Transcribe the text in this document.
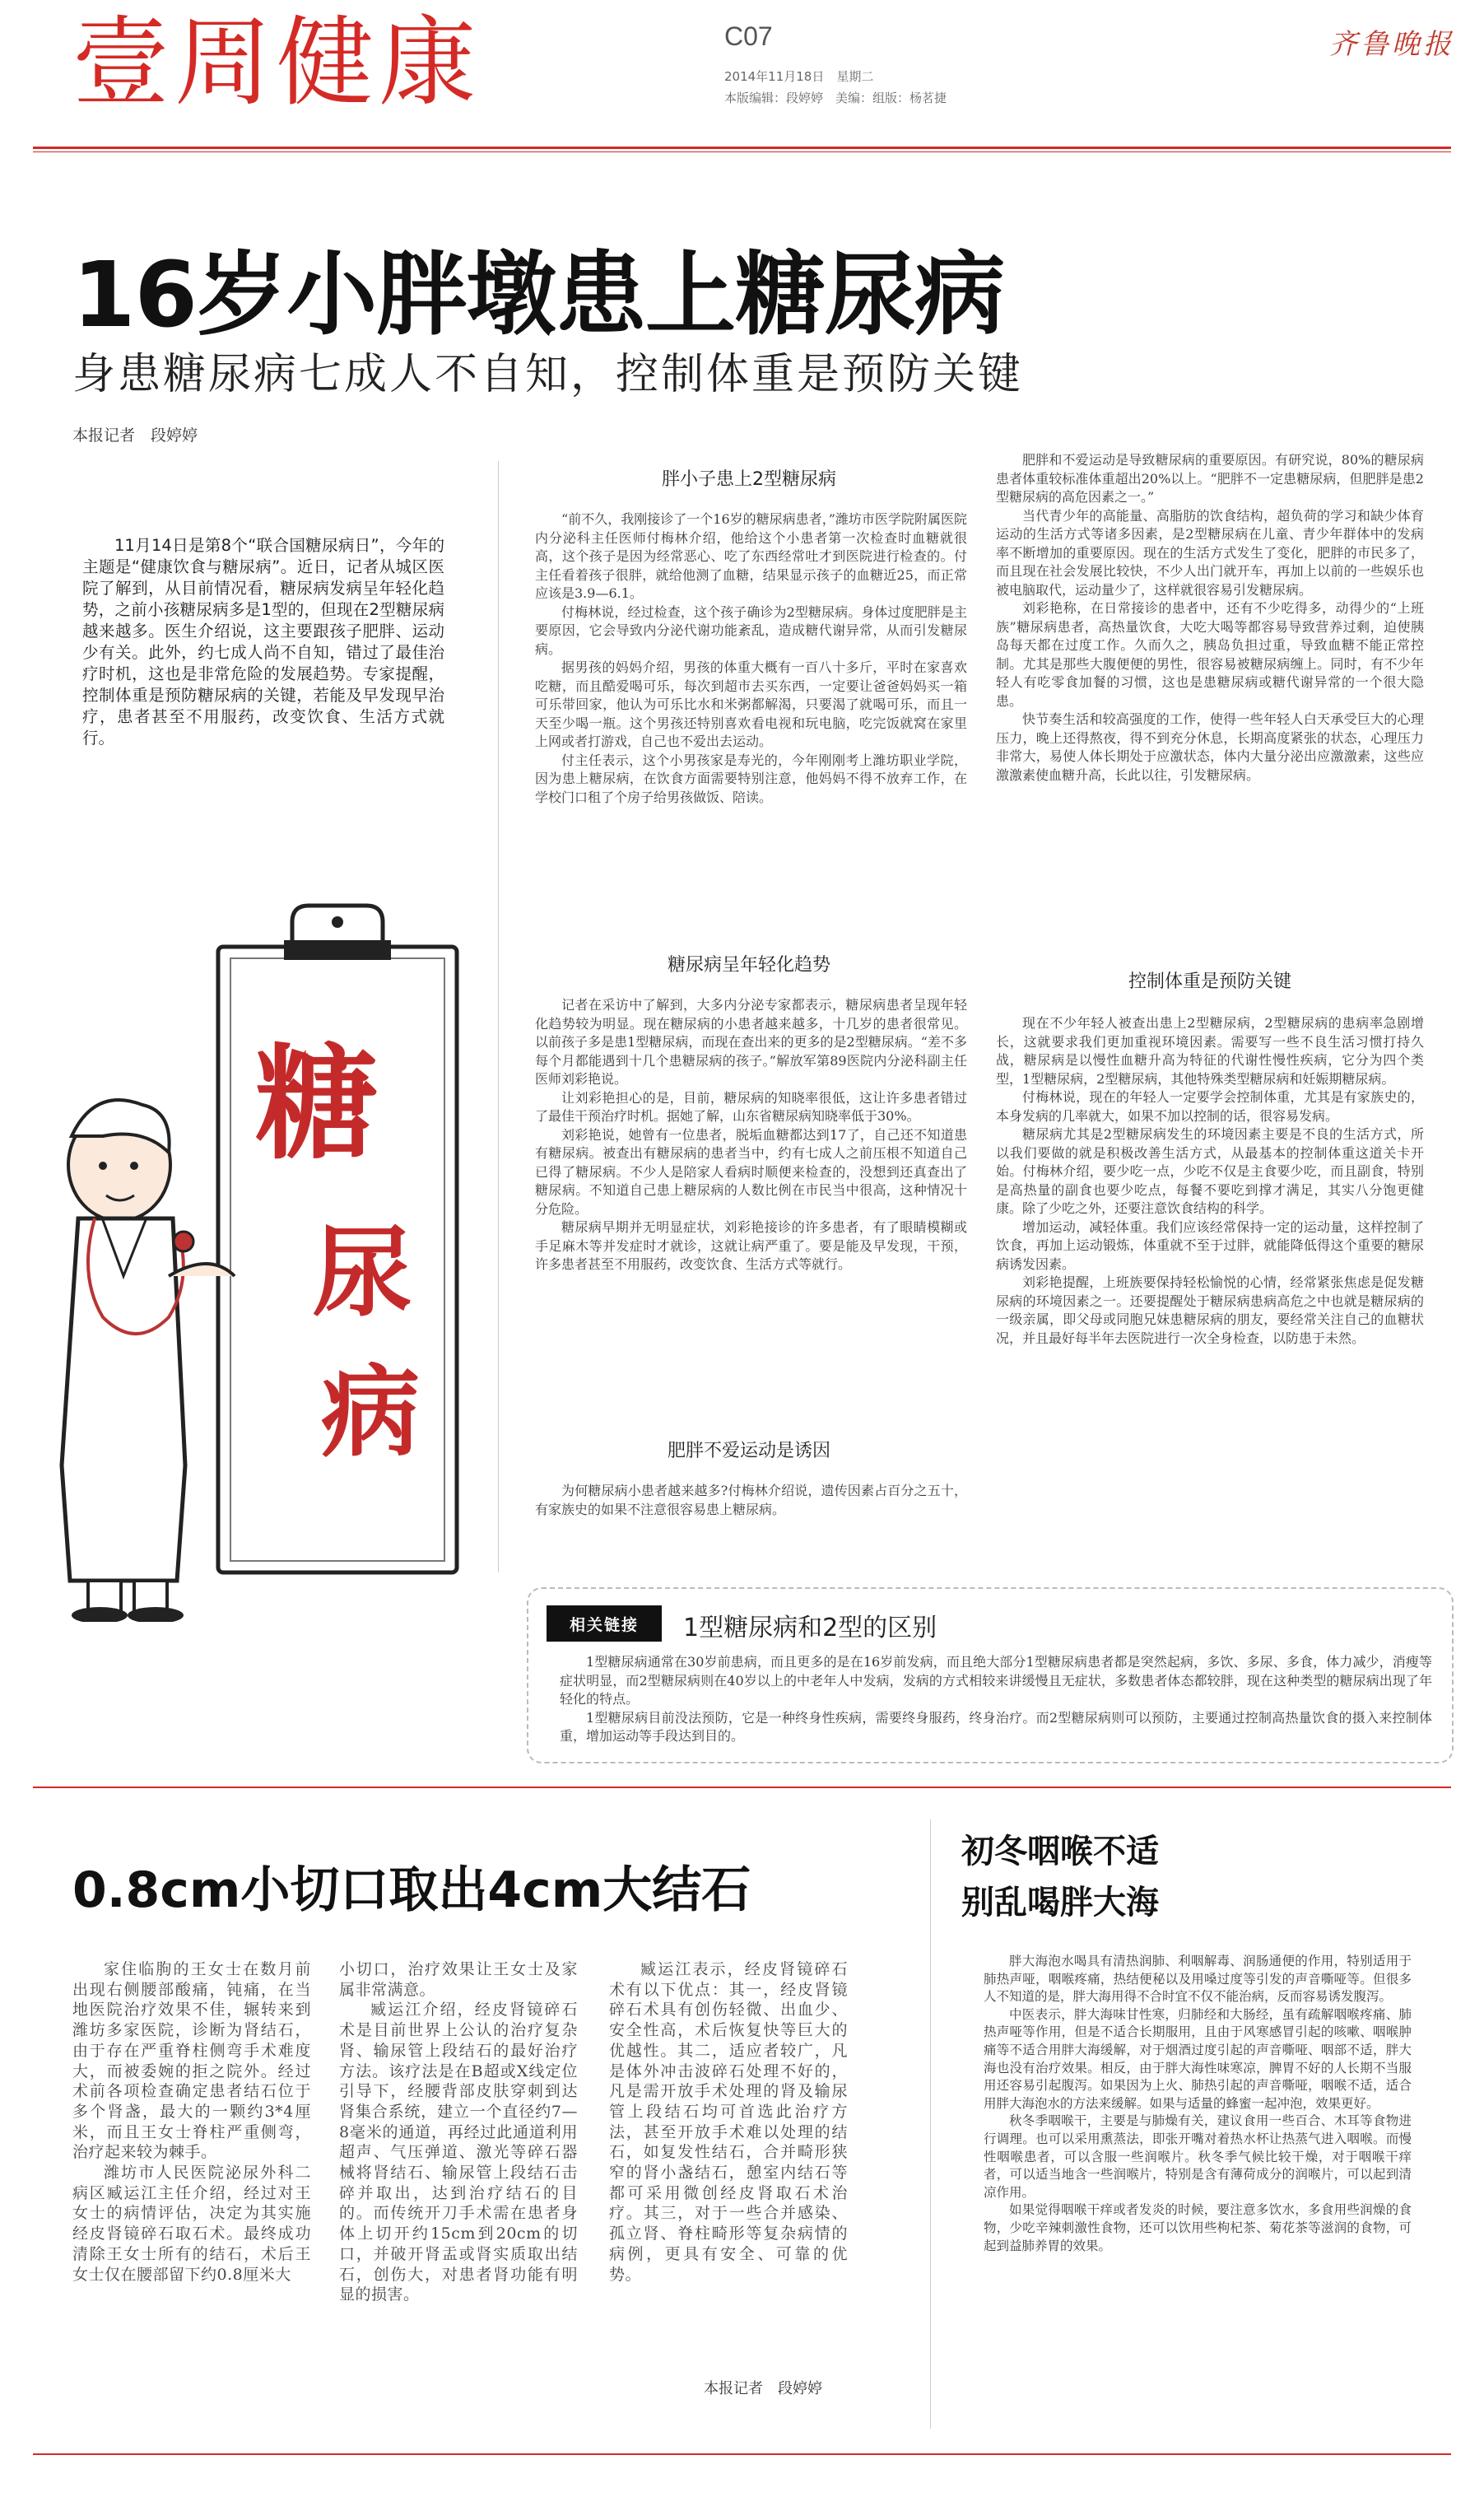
壹周健康	C07
2014年11月18日　星期二
本版编辑：段婷婷　美编：组版：杨茗捷
齐鲁晚报
16岁小胖墩患上糖尿病
身患糖尿病七成人不自知，控制体重是预防关键
本报记者　段婷婷
11月14日是第8个“联合国糖尿病日”，今年的主题是“健康饮食与糖尿病”。近日，记者从城区医院了解到，从目前情况看，糖尿病发病呈年轻化趋势，之前小孩糖尿病多是1型的，但现在2型糖尿病越来越多。医生介绍说，这主要跟孩子肥胖、运动少有关。此外，约七成人尚不自知，错过了最佳治疗时机，这也是非常危险的发展趋势。专家提醒，控制体重是预防糖尿病的关键，若能及早发现早治疗，患者甚至不用服药，改变饮食、生活方式就行。
糖
尿
病
胖小子患上2型糖尿病

“前不久，我刚接诊了一个16岁的糖尿病患者，”潍坊市医学院附属医院内分泌科主任医师付梅林介绍，他给这个小患者第一次检查时血糖就很高，这个孩子是因为经常恶心、吃了东西经常吐才到医院进行检查的。付主任看着孩子很胖，就给他测了血糖，结果显示孩子的血糖近25，而正常应该是3.9—6.1。

付梅林说，经过检查，这个孩子确诊为2型糖尿病。身体过度肥胖是主要原因，它会导致内分泌代谢功能紊乱，造成糖代谢异常，从而引发糖尿病。

据男孩的妈妈介绍，男孩的体重大概有一百八十多斤，平时在家喜欢吃糖，而且酷爱喝可乐，每次到超市去买东西，一定要让爸爸妈妈买一箱可乐带回家，他认为可乐比水和米粥都解渴，只要渴了就喝可乐，而且一天至少喝一瓶。这个男孩还特别喜欢看电视和玩电脑，吃完饭就窝在家里上网或者打游戏，自己也不爱出去运动。

付主任表示，这个小男孩家是寿光的，今年刚刚考上潍坊职业学院，因为患上糖尿病，在饮食方面需要特别注意，他妈妈不得不放弃工作，在学校门口租了个房子给男孩做饭、陪读。

糖尿病呈年轻化趋势

记者在采访中了解到，大多内分泌专家都表示，糖尿病患者呈现年轻化趋势较为明显。现在糖尿病的小患者越来越多，十几岁的患者很常见。以前孩子多是患1型糖尿病，而现在查出来的更多的是2型糖尿病。“差不多每个月都能遇到十几个患糖尿病的孩子。”解放军第89医院内分泌科副主任医师刘彩艳说。

让刘彩艳担心的是，目前，糖尿病的知晓率很低，这让许多患者错过了最佳干预治疗时机。据她了解，山东省糖尿病知晓率低于30%。

刘彩艳说，她曾有一位患者，脱垢血糖都达到17了，自己还不知道患有糖尿病。被查出有糖尿病的患者当中，约有七成人之前压根不知道自己已得了糖尿病。不少人是陪家人看病时顺便来检查的，没想到还真查出了糖尿病。不知道自己患上糖尿病的人数比例在市民当中很高，这种情况十分危险。

糖尿病早期并无明显症状，刘彩艳接诊的许多患者，有了眼睛模糊或手足麻木等并发症时才就诊，这就让病严重了。要是能及早发现，干预，许多患者甚至不用服药，改变饮食、生活方式等就行。

肥胖不爱运动是诱因

为何糖尿病小患者越来越多?付梅林介绍说，遗传因素占百分之五十，有家族史的如果不注意很容易患上糖尿病。

肥胖和不爱运动是导致糖尿病的重要原因。有研究说，80%的糖尿病患者体重较标准体重超出20%以上。“肥胖不一定患糖尿病，但肥胖是患2型糖尿病的高危因素之一。”

当代青少年的高能量、高脂肪的饮食结构，超负荷的学习和缺少体育运动的生活方式等诸多因素，是2型糖尿病在儿童、青少年群体中的发病率不断增加的重要原因。现在的生活方式发生了变化，肥胖的市民多了，而且现在社会发展比较快，不少人出门就开车，再加上以前的一些娱乐也被电脑取代，运动量少了，这样就很容易引发糖尿病。

刘彩艳称，在日常接诊的患者中，还有不少吃得多，动得少的“上班族”糖尿病患者，高热量饮食，大吃大喝等都容易导致营养过剩，迫使胰岛每天都在过度工作。久而久之，胰岛负担过重，导致血糖不能正常控制。尤其是那些大腹便便的男性，很容易被糖尿病缠上。同时，有不少年轻人有吃零食加餐的习惯，这也是患糖尿病或糖代谢异常的一个很大隐患。

快节奏生活和较高强度的工作，使得一些年轻人白天承受巨大的心理压力，晚上还得熬夜，得不到充分休息，长期高度紧张的状态，心理压力非常大，易使人体长期处于应激状态，体内大量分泌出应激激素，这些应激激素使血糖升高，长此以往，引发糖尿病。

控制体重是预防关键

现在不少年轻人被查出患上2型糖尿病，2型糖尿病的患病率急剧增长，这就要求我们更加重视环境因素。需要写一些不良生活习惯打持久战，糖尿病是以慢性血糖升高为特征的代谢性慢性疾病，它分为四个类型，1型糖尿病，2型糖尿病，其他特殊类型糖尿病和妊娠期糖尿病。

付梅林说，现在的年轻人一定要学会控制体重，尤其是有家族史的，本身发病的几率就大，如果不加以控制的话，很容易发病。

糖尿病尤其是2型糖尿病发生的环境因素主要是不良的生活方式，所以我们要做的就是积极改善生活方式，从最基本的控制体重这道关卡开始。付梅林介绍，要少吃一点，少吃不仅是主食要少吃，而且副食，特别是高热量的副食也要少吃点，每餐不要吃到撑才满足，其实八分饱更健康。除了少吃之外，还要注意饮食结构的科学。

增加运动，减轻体重。我们应该经常保持一定的运动量，这样控制了饮食，再加上运动锻炼，体重就不至于过胖，就能降低得这个重要的糖尿病诱发因素。

刘彩艳提醒，上班族要保持轻松愉悦的心情，经常紧张焦虑是促发糖尿病的环境因素之一。还要提醒处于糖尿病患病高危之中也就是糖尿病的一级亲属，即父母或同胞兄妹患糖尿病的朋友，要经常关注自己的血糖状况，并且最好每半年去医院进行一次全身检查，以防患于未然。

相关链接	1型糖尿病和2型的区别

1型糖尿病通常在30岁前患病，而且更多的是在16岁前发病，而且绝大部分1型糖尿病患者都是突然起病，多饮、多尿、多食，体力减少，消瘦等症状明显，而2型糖尿病则在40岁以上的中老年人中发病，发病的方式相较来讲缓慢且无症状，多数患者体态都较胖，现在这种类型的糖尿病出现了年轻化的特点。

1型糖尿病目前没法预防，它是一种终身性疾病，需要终身服药，终身治疗。而2型糖尿病则可以预防，主要通过控制高热量饮食的摄入来控制体重，增加运动等手段达到目的。

0.8cm小切口取出4cm大结石

家住临朐的王女士在数月前出现右侧腰部酸痛，钝痛，在当地医院治疗效果不佳，辗转来到潍坊多家医院，诊断为肾结石，由于存在严重脊柱侧弯手术难度大，而被委婉的拒之院外。经过术前各项检查确定患者结石位于多个肾盏，最大的一颗约3*4厘米，而且王女士脊柱严重侧弯，治疗起来较为棘手。

潍坊市人民医院泌尿外科二病区臧运江主任介绍，经过对王女士的病情评估，决定为其实施经皮肾镜碎石取石术。最终成功清除王女士所有的结石，术后王女士仅在腰部留下约0.8厘米大

小切口，治疗效果让王女士及家属非常满意。

臧运江介绍，经皮肾镜碎石术是目前世界上公认的治疗复杂肾、输尿管上段结石的最好治疗方法。该疗法是在B超或X线定位引导下，经腰背部皮肤穿刺到达肾集合系统，建立一个直径约7—8毫米的通道，再经过此通道利用超声、气压弹道、激光等碎石器械将肾结石、输尿管上段结石击碎并取出，达到治疗结石的目的。而传统开刀手术需在患者身体上切开约15cm到20cm的切口，并破开肾盂或肾实质取出结石，创伤大，对患者肾功能有明显的损害。

臧运江表示，经皮肾镜碎石术有以下优点：其一，经皮肾镜碎石术具有创伤轻微、出血少、安全性高，术后恢复快等巨大的优越性。其二，适应者较广，凡是体外冲击波碎石处理不好的，凡是需开放手术处理的肾及输尿管上段结石均可首选此治疗方法，甚至开放手术难以处理的结石，如复发性结石，合并畸形狭窄的肾小盏结石，憩室内结石等都可采用微创经皮肾取石术治疗。其三，对于一些合并感染、孤立肾、脊柱畸形等复杂病情的病例，更具有安全、可靠的优势。

本报记者　段婷婷
初冬咽喉不适
别乱喝胖大海

胖大海泡水喝具有清热润肺、利咽解毒、润肠通便的作用，特别适用于肺热声哑，咽喉疼痛，热结便秘以及用嗓过度等引发的声音嘶哑等。但很多人不知道的是，胖大海用得不合时宜不仅不能治病，反而容易诱发腹泻。

中医表示，胖大海味甘性寒，归肺经和大肠经，虽有疏解咽喉疼痛、肺热声哑等作用，但是不适合长期服用，且由于风寒感冒引起的咳嗽、咽喉肿痛等不适合用胖大海缓解，对于烟酒过度引起的声音嘶哑、咽部不适，胖大海也没有治疗效果。相反，由于胖大海性味寒凉，脾胃不好的人长期不当服用还容易引起腹泻。如果因为上火、肺热引起的声音嘶哑，咽喉不适，适合用胖大海泡水的方法来缓解。如果与适量的蜂蜜一起冲泡，效果更好。

秋冬季咽喉干，主要是与肺燥有关，建议食用一些百合、木耳等食物进行调理。也可以采用熏蒸法，即张开嘴对着热水杯让热蒸气进入咽喉。而慢性咽喉患者，可以含服一些润喉片。秋冬季气候比较干燥，对于咽喉干痒者，可以适当地含一些润喉片，特别是含有薄荷成分的润喉片，可以起到清凉作用。

如果觉得咽喉干痒或者发炎的时候，要注意多饮水，多食用些润燥的食物，少吃辛辣刺激性食物，还可以饮用些枸杞茶、菊花茶等滋润的食物，可起到益肺养胃的效果。
